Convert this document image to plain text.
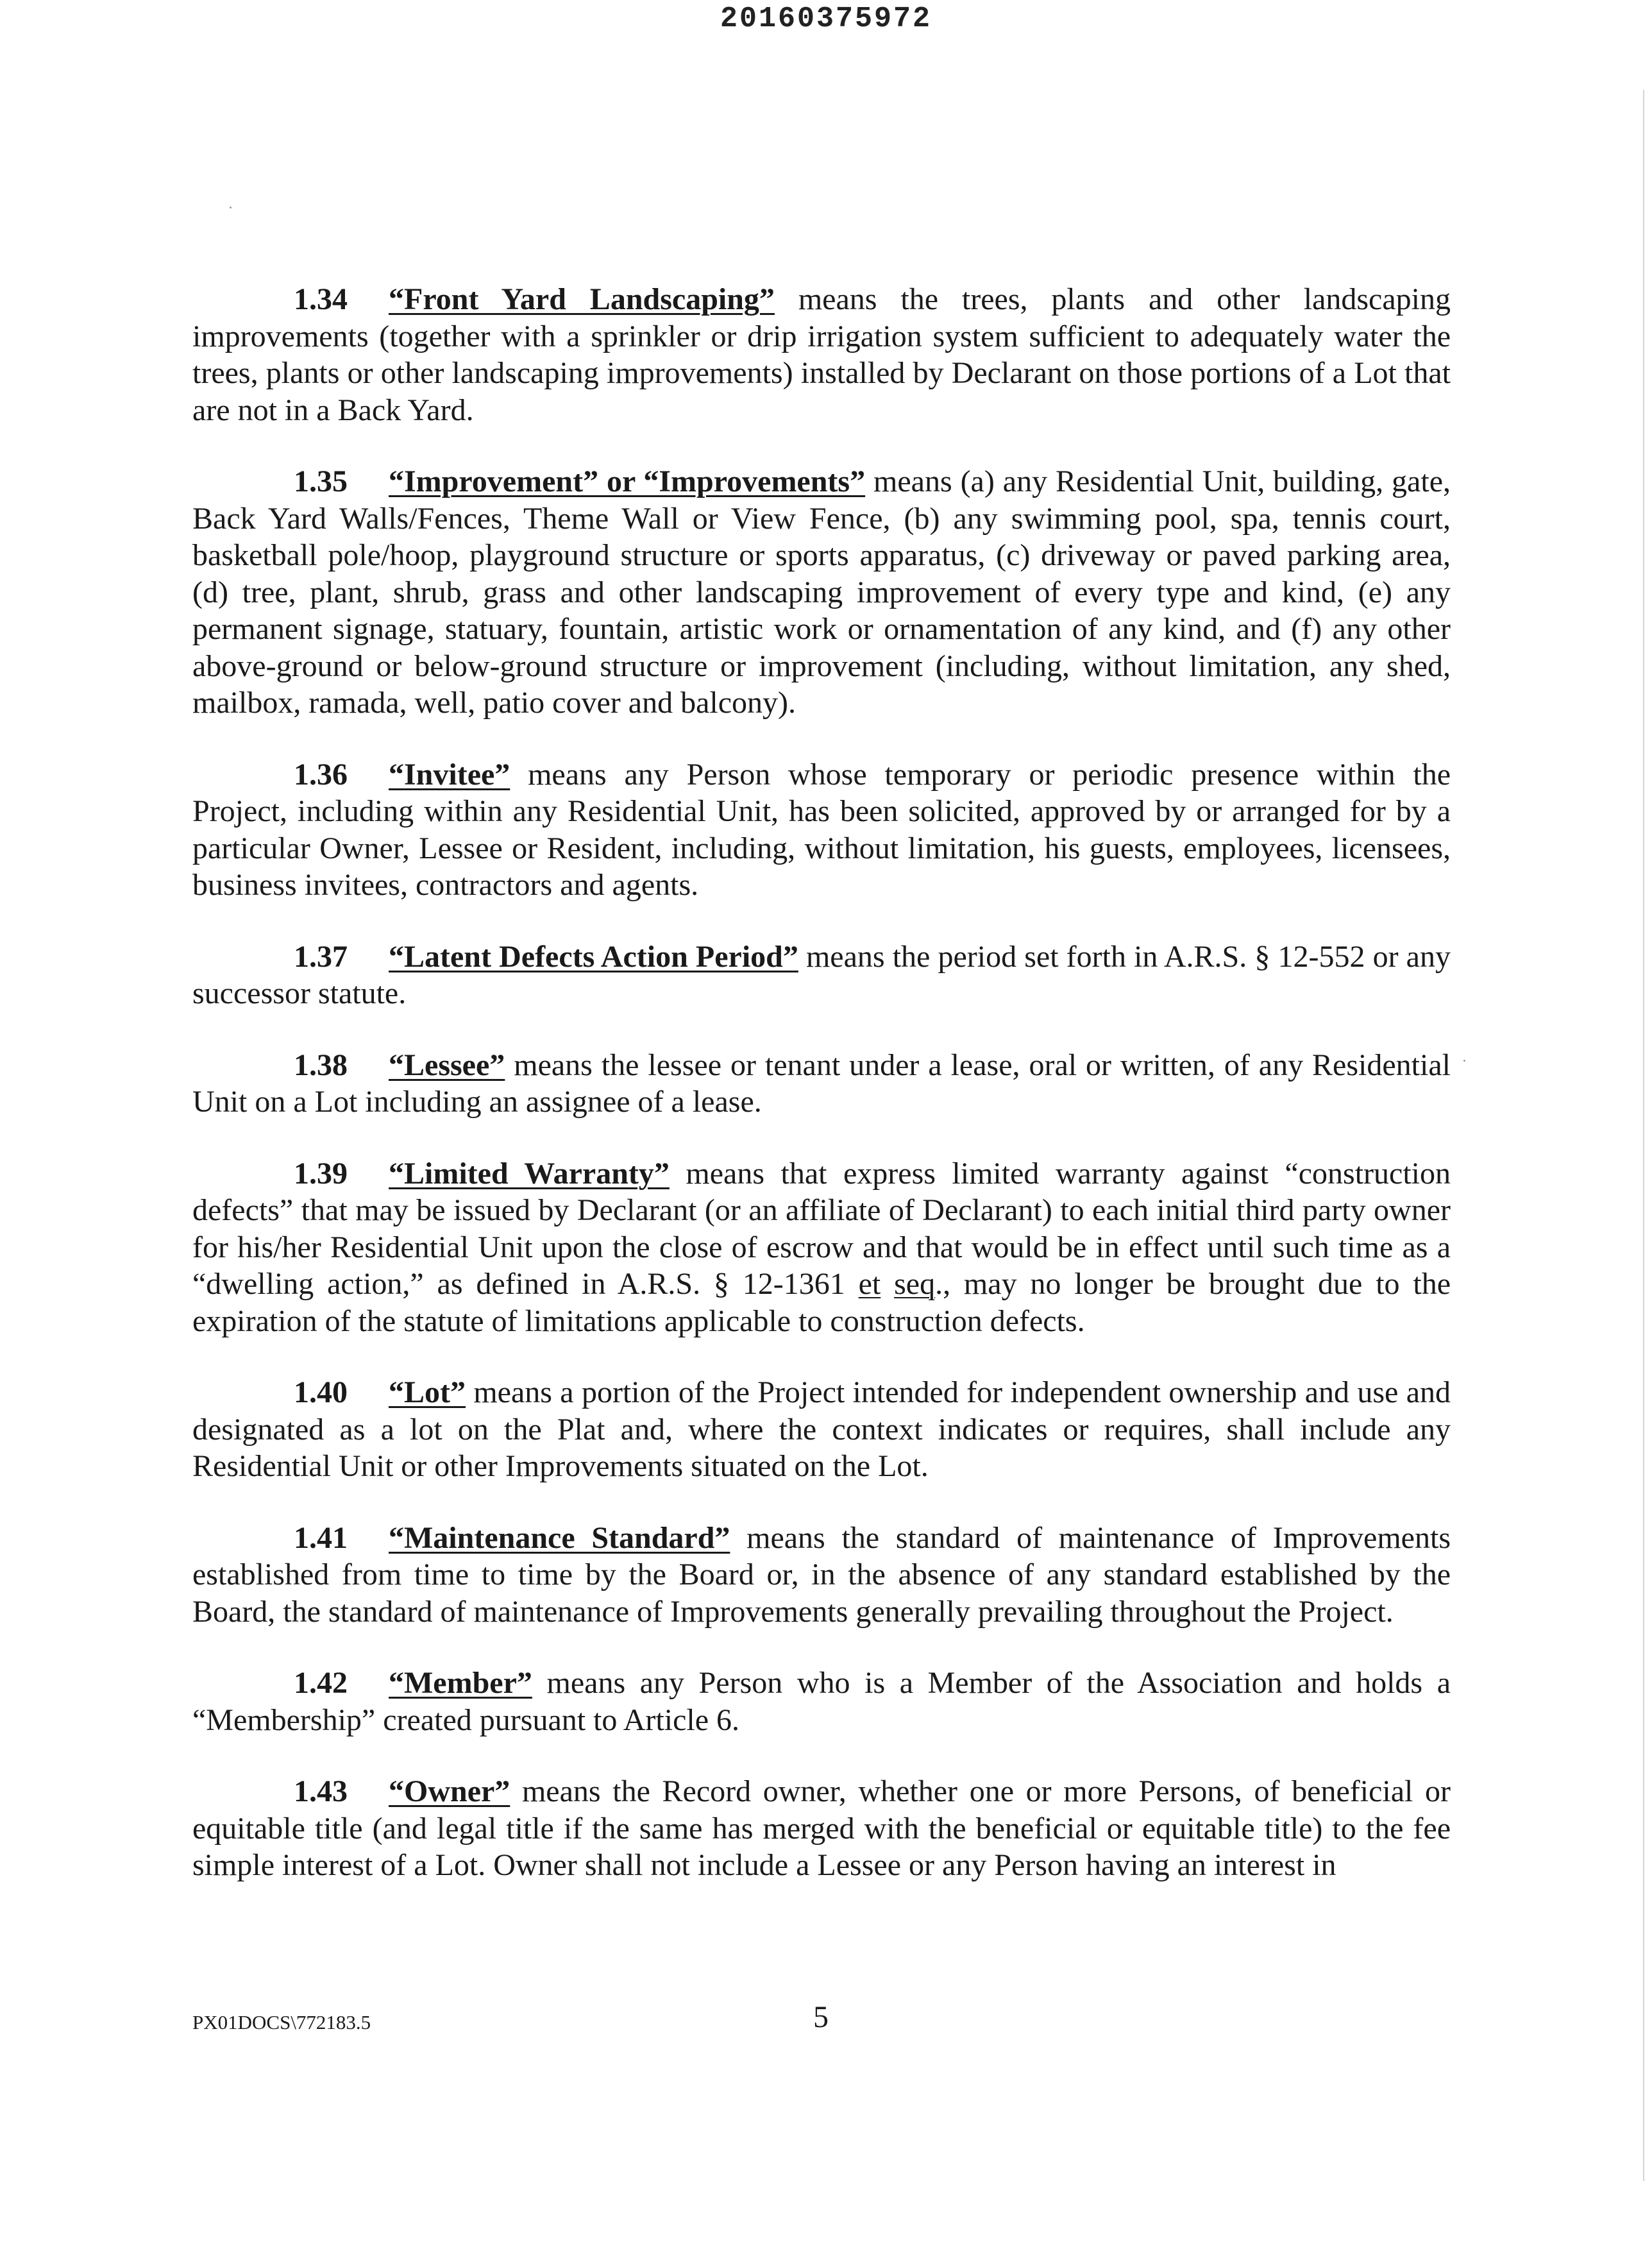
20160375972

1.34 “Front Yard Landscaping” means the trees, plants and other landscaping improvements (together with a sprinkler or drip irrigation system sufficient to adequately water the trees, plants or other landscaping improvements) installed by Declarant on those portions of a Lot that are not in a Back Yard.

1.35 “Improvement” or “Improvements” means (a) any Residential Unit, building, gate, Back Yard Walls/Fences, Theme Wall or View Fence, (b) any swimming pool, spa, tennis court, basketball pole/hoop, playground structure or sports apparatus, (c) driveway or paved parking area, (d) tree, plant, shrub, grass and other landscaping improvement of every type and kind, (e) any permanent signage, statuary, fountain, artistic work or ornamentation of any kind, and (f) any other above-ground or below-ground structure or improvement (including, without limitation, any shed, mailbox, ramada, well, patio cover and balcony).

1.36 “Invitee” means any Person whose temporary or periodic presence within the Project, including within any Residential Unit, has been solicited, approved by or arranged for by a particular Owner, Lessee or Resident, including, without limitation, his guests, employees, licensees, business invitees, contractors and agents.

1.37 “Latent Defects Action Period” means the period set forth in A.R.S. § 12-552 or any successor statute.

1.38 “Lessee” means the lessee or tenant under a lease, oral or written, of any Residential Unit on a Lot including an assignee of a lease.

1.39 “Limited Warranty” means that express limited warranty against “construction defects” that may be issued by Declarant (or an affiliate of Declarant) to each initial third party owner for his/her Residential Unit upon the close of escrow and that would be in effect until such time as a “dwelling action,” as defined in A.R.S. § 12-1361 et seq., may no longer be brought due to the expiration of the statute of limitations applicable to construction defects.

1.40 “Lot” means a portion of the Project intended for independent ownership and use and designated as a lot on the Plat and, where the context indicates or requires, shall include any Residential Unit or other Improvements situated on the Lot.

1.41 “Maintenance Standard” means the standard of maintenance of Improvements established from time to time by the Board or, in the absence of any standard established by the Board, the standard of maintenance of Improvements generally prevailing throughout the Project.

1.42 “Member” means any Person who is a Member of the Association and holds a “Membership” created pursuant to Article 6.

1.43 “Owner” means the Record owner, whether one or more Persons, of beneficial or equitable title (and legal title if the same has merged with the beneficial or equitable title) to the fee simple interest of a Lot. Owner shall not include a Lessee or any Person having an interest in

PX01DOCS\772183.5	5
